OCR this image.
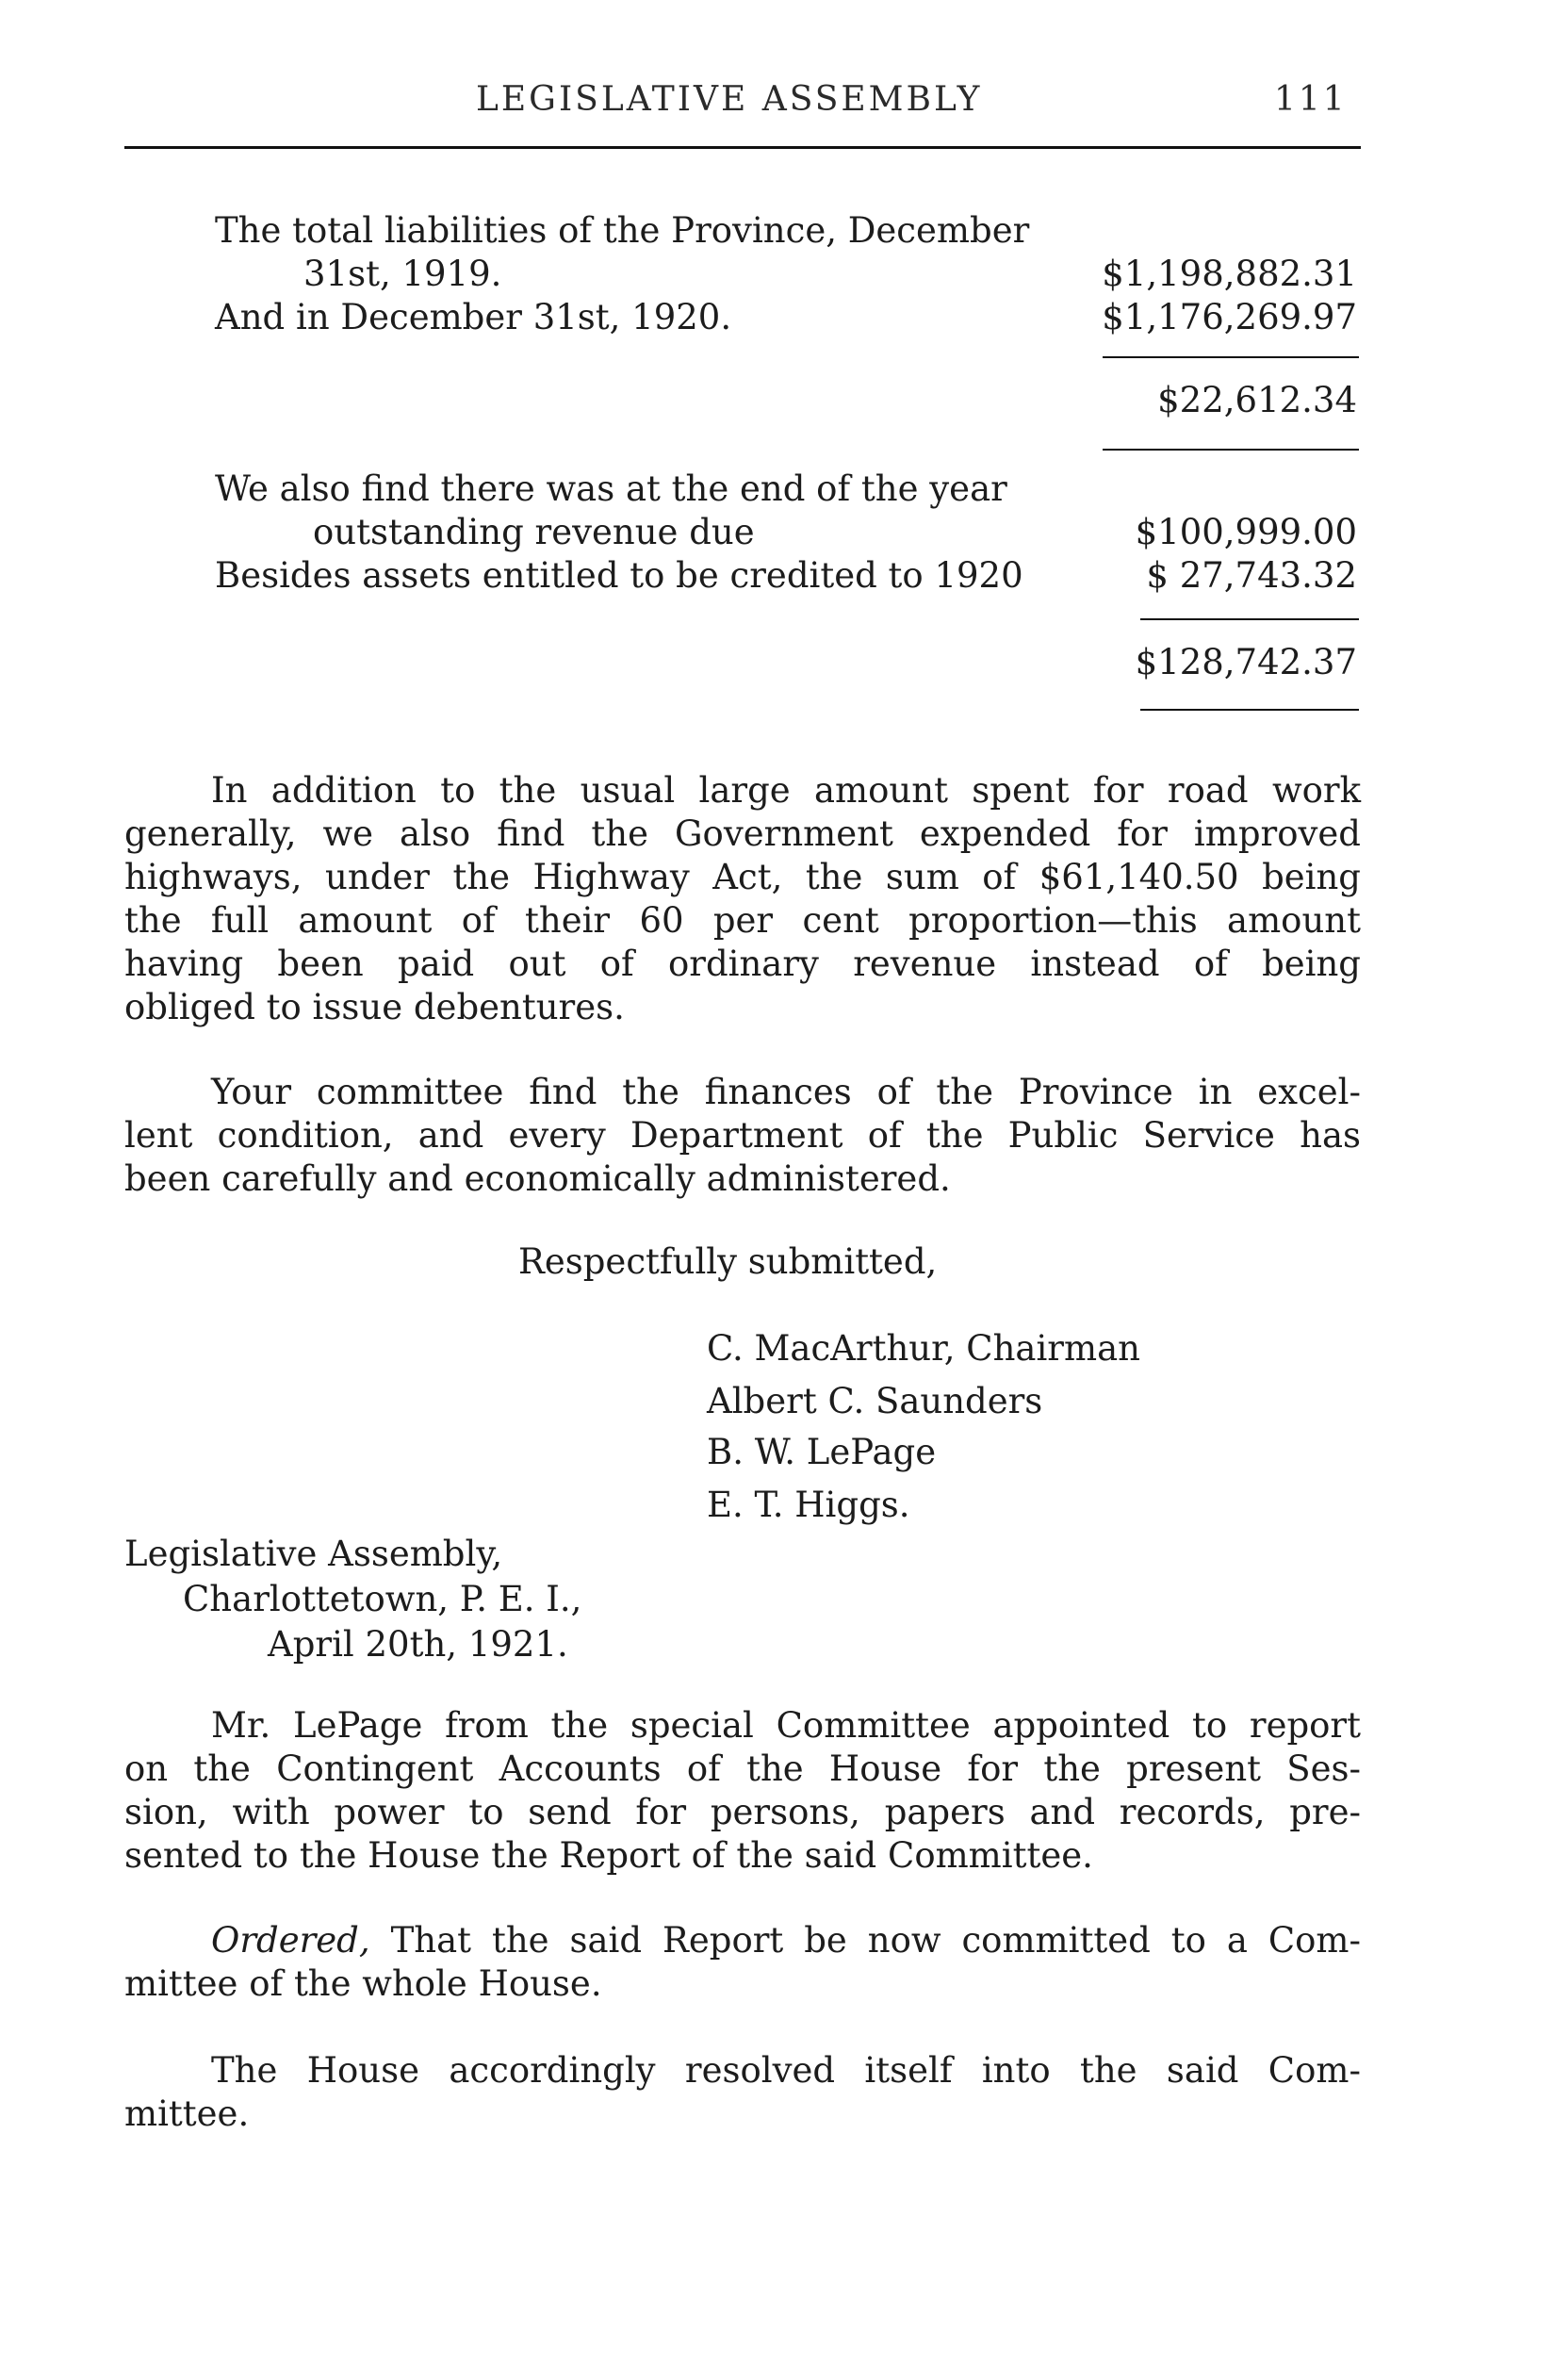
LEGISLATIVE ASSEMBLY	111
The total liabilities of the Province, December
31st, 1919.	$1,198,882.31
And in December 31st, 1920.	$1,176,269.97
$22,612.34
We also find there was at the end of the year
outstanding revenue due	$100,999.00
Besides assets entitled to be credited to 1920	$ 27,743.32
$128,742.37
In addition to the usual large amount spent for road work
generally, we also find the Government expended for improved
highways, under the Highway Act, the sum of $61,140.50 being
the full amount of their 60 per cent proportion—this amount
having been paid out of ordinary revenue instead of being
obliged to issue debentures.
Your committee find the finances of the Province in excel-
lent condition, and every Department of the Public Service has
been carefully and economically administered.
Respectfully submitted,
C. MacArthur, Chairman
Albert C. Saunders
B. W. LePage
E. T. Higgs.
Legislative Assembly,
Charlottetown, P. E. I.,
April 20th, 1921.
Mr. LePage from the special Committee appointed to report
on the Contingent Accounts of the House for the present Ses-
sion, with power to send for persons, papers and records, pre-
sented to the House the Report of the said Committee.
Ordered, That the said Report be now committed to a Com-
mittee of the whole House.
The House accordingly resolved itself into the said Com-
mittee.
